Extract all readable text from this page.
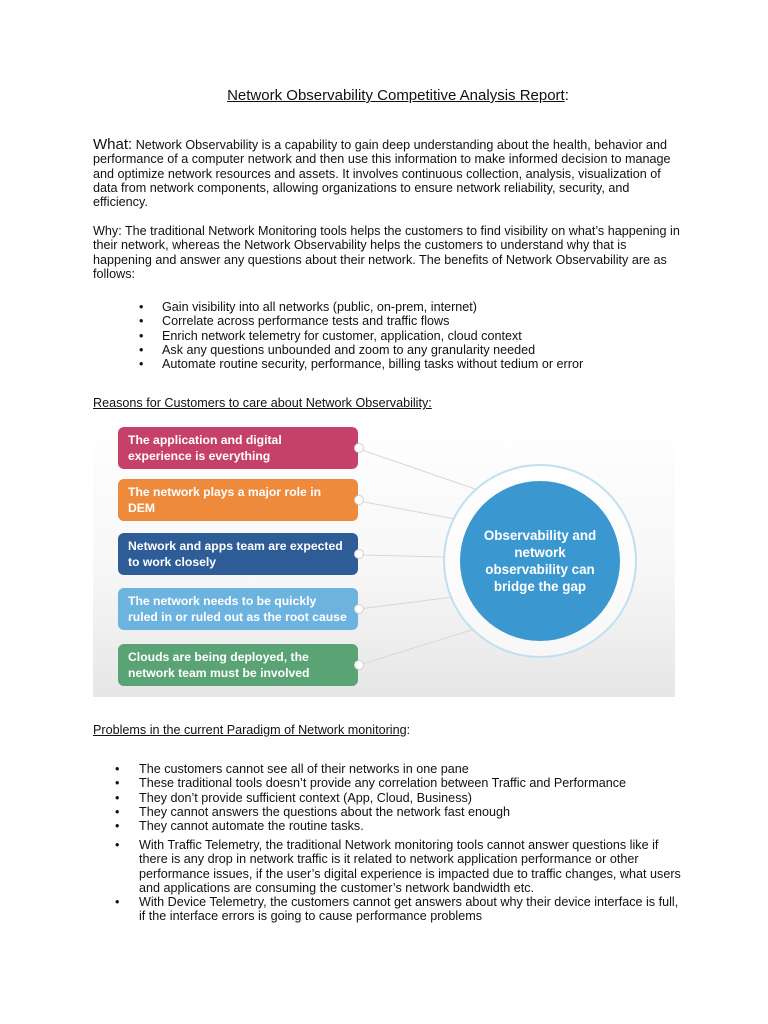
Network Observability Competitive Analysis Report:
What: Network Observability is a capability to gain deep understanding about the health, behavior and performance of a computer network and then use this information to make informed decision to manage and optimize network resources and assets. It involves continuous collection, analysis, visualization of data from network components, allowing organizations to ensure network reliability, security, and efficiency.
Why: The traditional Network Monitoring tools helps the customers to find visibility on what’s happening in their network, whereas the Network Observability helps the customers to understand why that is happening and answer any questions about their network. The benefits of Network Observability are as follows:
• Gain visibility into all networks (public, on-prem, internet)
• Correlate across performance tests and traffic flows
• Enrich network telemetry for customer, application, cloud context
• Ask any questions unbounded and zoom to any granularity needed
• Automate routine security, performance, billing tasks without tedium or error
Reasons for Customers to care about Network Observability:
The application and digital experience is everything
The network plays a major role in DEM
Network and apps team are expected to work closely
The network needs to be quickly ruled in or ruled out as the root cause
Clouds are being deployed, the network team must be involved
Observability and network observability can bridge the gap
Problems in the current Paradigm of Network monitoring:
• The customers cannot see all of their networks in one pane
• These traditional tools doesn’t provide any correlation between Traffic and Performance
• They don’t provide sufficient context (App, Cloud, Business)
• They cannot answers the questions about the network fast enough
• They cannot automate the routine tasks.
• With Traffic Telemetry, the traditional Network monitoring tools cannot answer questions like if there is any drop in network traffic is it related to network application performance or other performance issues, if the user’s digital experience is impacted due to traffic changes, what users and applications are consuming the customer’s network bandwidth etc.
• With Device Telemetry, the customers cannot get answers about why their device interface is full, if the interface errors is going to cause performance problems
